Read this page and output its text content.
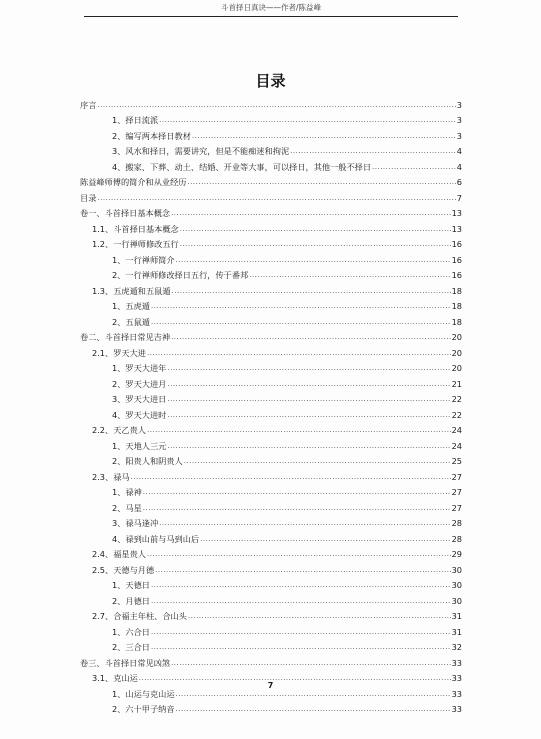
斗首择日真诀——作者/陈益峰
目录
序言 .....	3
1、择日流派 .....	3
2、编写两本择日教材 .....	3
3、风水和择日，需要讲究，但是不能痴迷和拘泥 .....	4
4、搬家、下葬、动土、结婚、开业等大事，可以择日，其他一般不择日 .....	4
陈益峰师傅的简介和从业经历 .....	6
目录 .....	7
卷一、斗首择日基本概念 .....	13
1.1、斗首择日基本概念 .....	13
1.2、一行禅师修改五行 .....	16
1、一行禅师简介 .....	16
2、一行禅师修改择日五行，传于番邦 .....	16
1.3、五虎遁和五鼠遁 .....	18
1、五虎遁 .....	18
2、五鼠遁 .....	18
卷二、斗首择日常见吉神 .....	20
2.1、罗天大进 .....	20
1、罗天大进年 .....	20
2、罗天大进月 .....	21
3、罗天大进日 .....	22
4、罗天大进时 .....	22
2.2、天乙贵人 .....	24
1、天地人三元 .....	24
2、阳贵人和阴贵人 .....	25
2.3、禄马 .....	27
1、禄神 .....	27
2、马星 .....	27
3、禄马逢冲 .....	28
4、禄到山前与马到山后 .....	28
2.4、福星贵人 .....	29
2.5、天德与月德 .....	30
1、天德日 .....	30
2、月德日 .....	30
2.7、合福主年柱、合山头 .....	31
1、六合日 .....	31
2、三合日 .....	32
卷三、斗首择日常见凶煞 .....	33
3.1、克山运 .....	33
1、山运与克山运 .....	33
2、六十甲子纳音 .....	33
7
